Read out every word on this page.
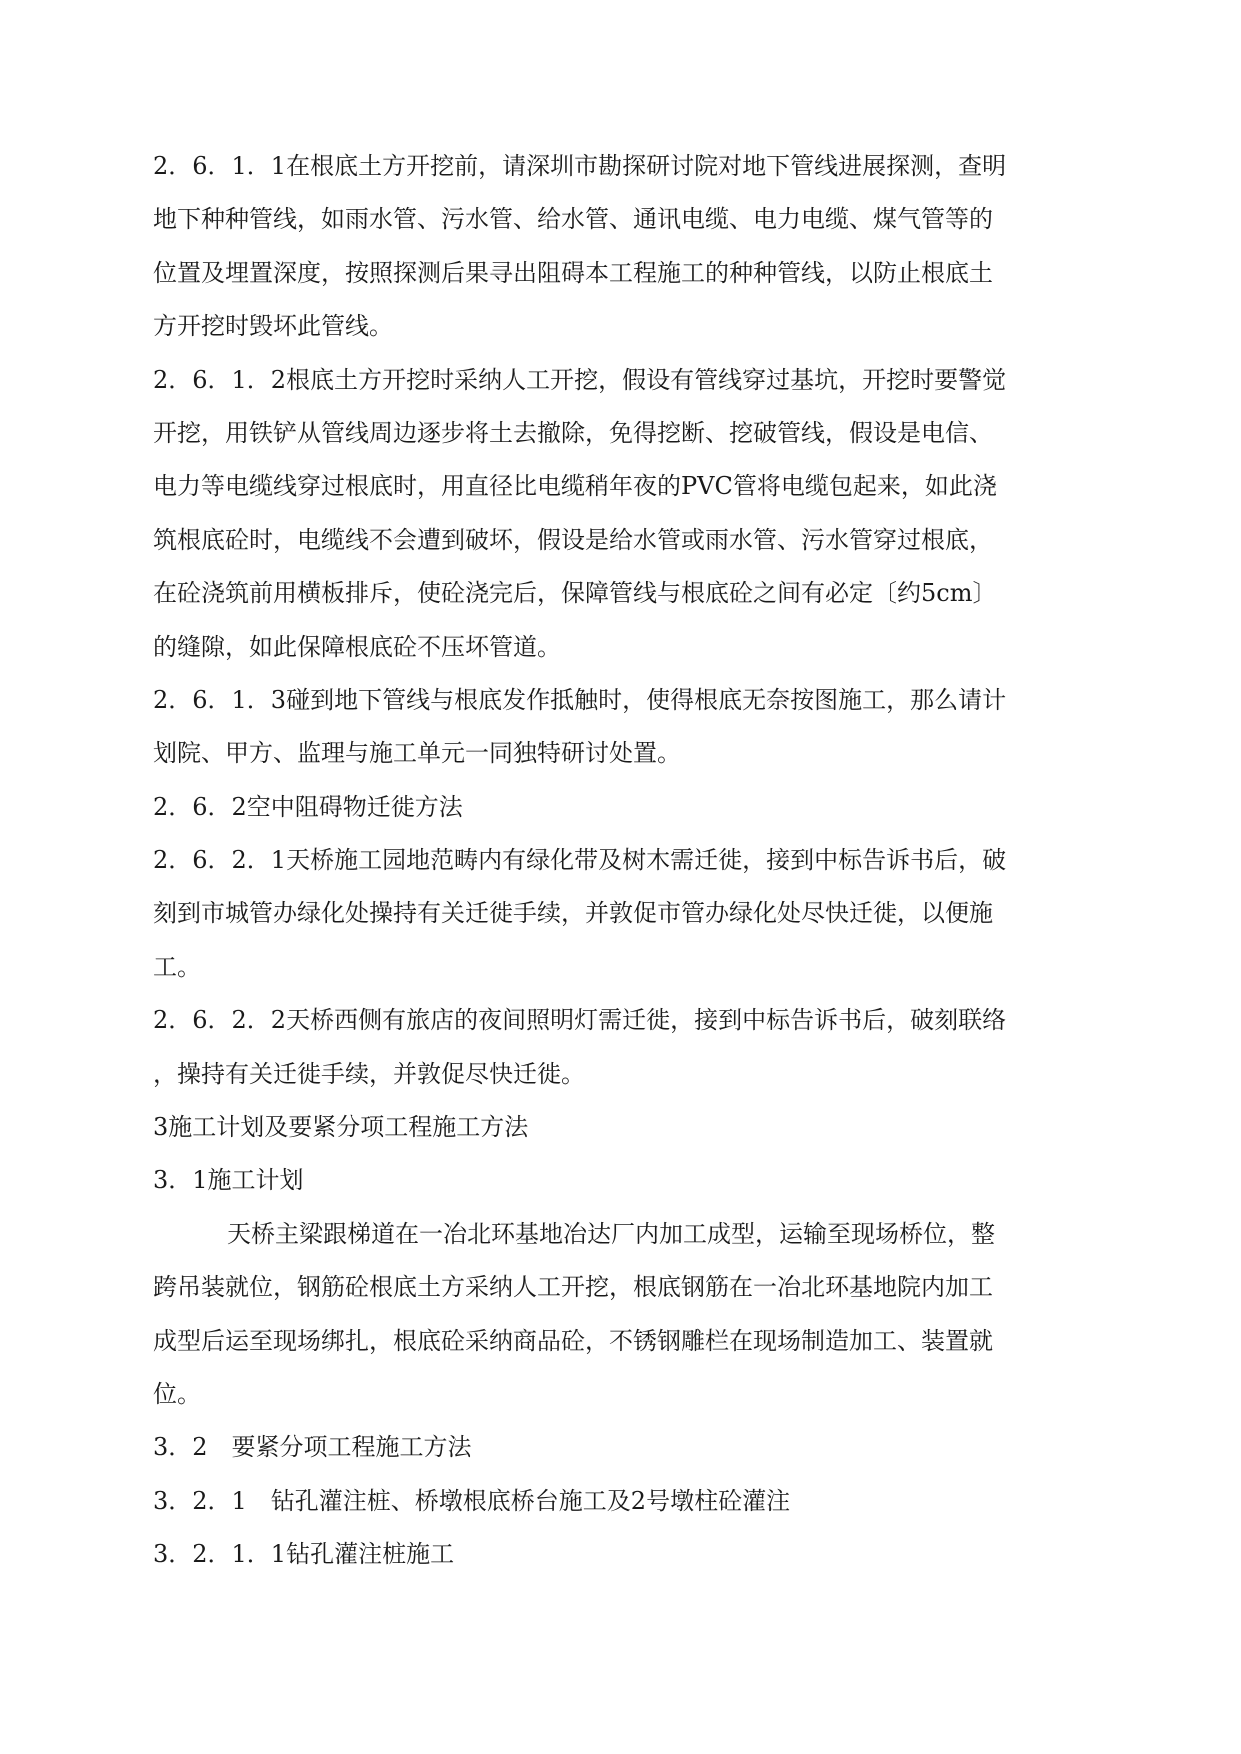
2．6．1．1在根底土方开挖前，请深圳市勘探研讨院对地下管线进展探测，查明
地下种种管线，如雨水管、污水管、给水管、通讯电缆、电力电缆、煤气管等的
位置及埋置深度，按照探测后果寻出阻碍本工程施工的种种管线，以防止根底土
方开挖时毁坏此管线。
2．6．1．2根底土方开挖时采纳人工开挖，假设有管线穿过基坑，开挖时要警觉
开挖，用铁铲从管线周边逐步将土去撤除，免得挖断、挖破管线，假设是电信、
电力等电缆线穿过根底时，用直径比电缆稍年夜的PVC管将电缆包起来，如此浇
筑根底砼时，电缆线不会遭到破坏，假设是给水管或雨水管、污水管穿过根底，
在砼浇筑前用横板排斥，使砼浇完后，保障管线与根底砼之间有必定〔约5cm〕
的缝隙，如此保障根底砼不压坏管道。
2．6．1．3碰到地下管线与根底发作抵触时，使得根底无奈按图施工，那么请计
划院、甲方、监理与施工单元一同独特研讨处置。
2．6．2空中阻碍物迁徙方法
2．6．2．1天桥施工园地范畴内有绿化带及树木需迁徙，接到中标告诉书后，破
刻到市城管办绿化处操持有关迁徙手续，并敦促市管办绿化处尽快迁徙，以便施
工。
2．6．2．2天桥西侧有旅店的夜间照明灯需迁徙，接到中标告诉书后，破刻联络
，操持有关迁徙手续，并敦促尽快迁徙。
3施工计划及要紧分项工程施工方法
3．1施工计划
天桥主梁跟梯道在一冶北环基地冶达厂内加工成型，运输至现场桥位，整
跨吊装就位，钢筋砼根底土方采纳人工开挖，根底钢筋在一冶北环基地院内加工
成型后运至现场绑扎，根底砼采纳商品砼，不锈钢雕栏在现场制造加工、装置就
位。
3．2　要紧分项工程施工方法
3．2．1　钻孔灌注桩、桥墩根底桥台施工及2号墩柱砼灌注
3．2．1．1钻孔灌注桩施工
